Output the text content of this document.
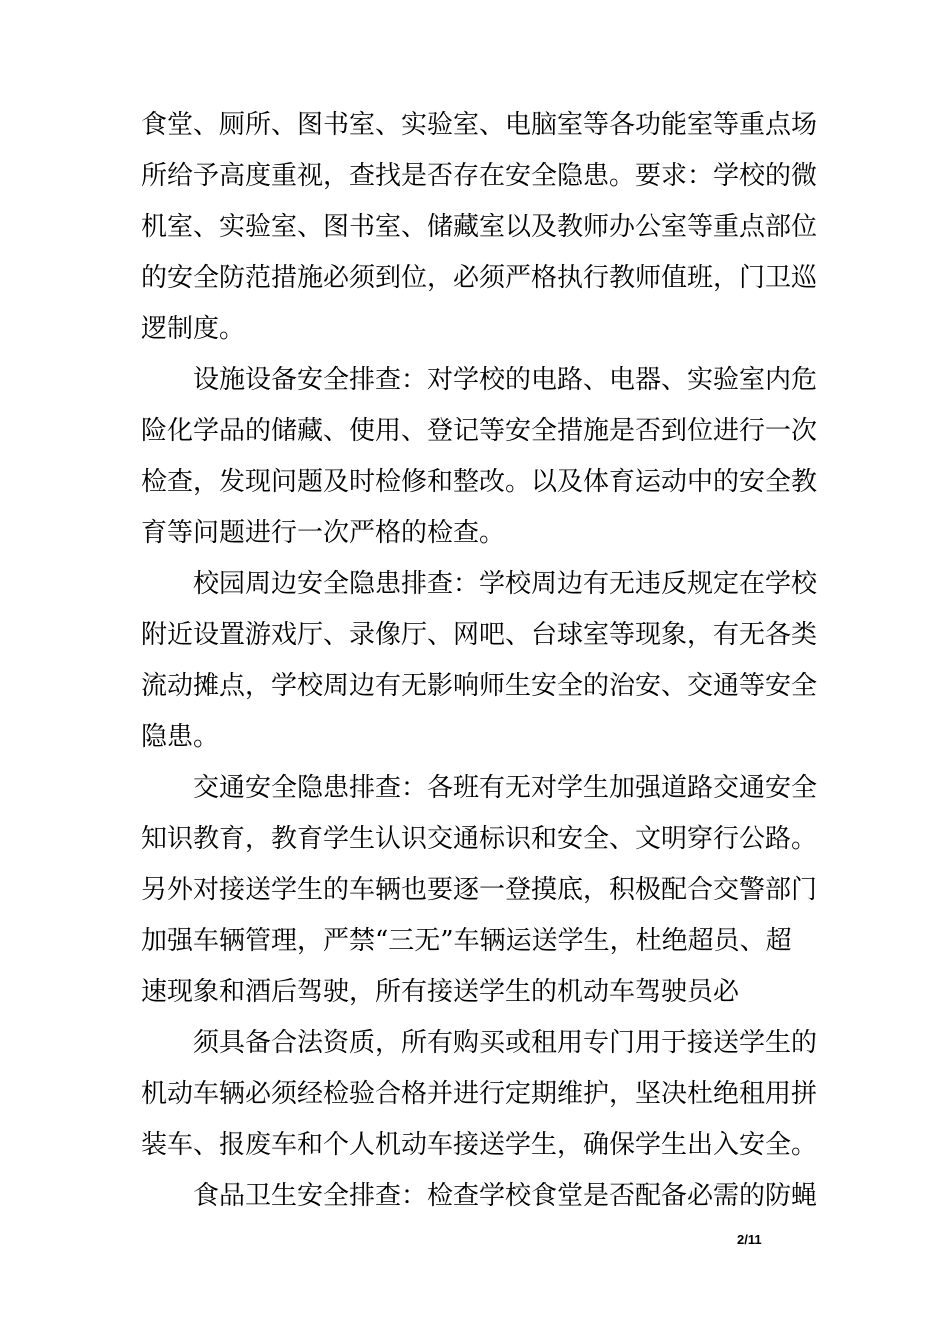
食堂、厕所、图书室、实验室、电脑室等各功能室等重点场
所给予高度重视，查找是否存在安全隐患。要求：学校的微
机室、实验室、图书室、储藏室以及教师办公室等重点部位
的安全防范措施必须到位，必须严格执行教师值班，门卫巡
逻制度。
设施设备安全排查：对学校的电路、电器、实验室内危
险化学品的储藏、使用、登记等安全措施是否到位进行一次
检查，发现问题及时检修和整改。以及体育运动中的安全教
育等问题进行一次严格的检查。
校园周边安全隐患排查：学校周边有无违反规定在学校
附近设置游戏厅、录像厅、网吧、台球室等现象，有无各类
流动摊点，学校周边有无影响师生安全的治安、交通等安全
隐患。
交通安全隐患排查：各班有无对学生加强道路交通安全
知识教育，教育学生认识交通标识和安全、文明穿行公路。
另外对接送学生的车辆也要逐一登摸底，积极配合交警部门
加强车辆管理，严禁“三无”车辆运送学生，杜绝超员、超
速现象和酒后驾驶，所有接送学生的机动车驾驶员必
须具备合法资质，所有购买或租用专门用于接送学生的
机动车辆必须经检验合格并进行定期维护，坚决杜绝租用拼
装车、报废车和个人机动车接送学生，确保学生出入安全。
食品卫生安全排查：检查学校食堂是否配备必需的防蝇
2/11
